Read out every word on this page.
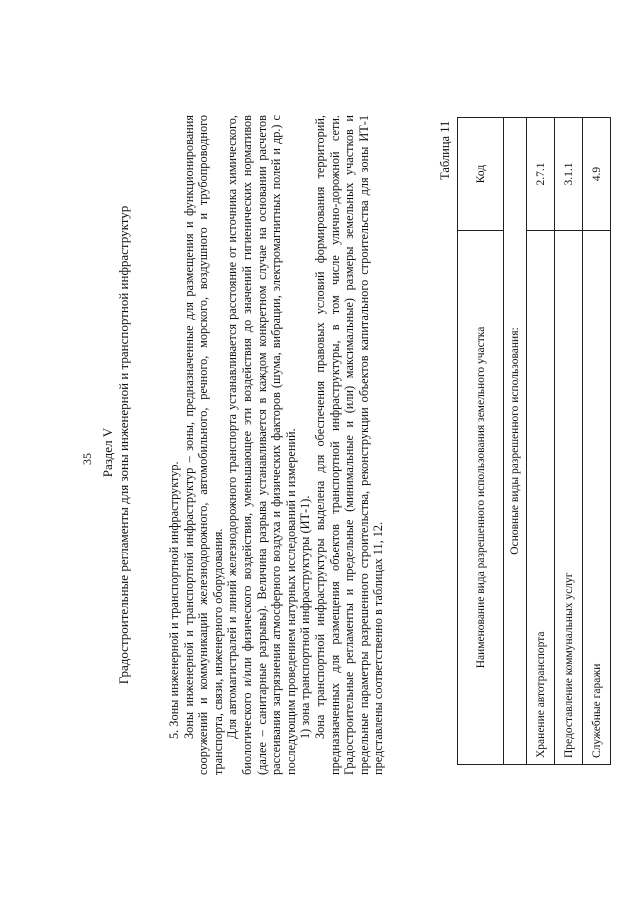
35 Раздел V Градостроительные регламенты для зоны инженерной и транспортной инфраструктур	5. Зоны инженерной и транспортной инфраструктур. Зоны инженерной и транспортной инфраструктур – зоны, предназначенные для размещения и функционирования сооружений и коммуникаций железнодорожного, автомобильного, речного, морского, воздушного и трубопроводного транспорта, связи, инженерного оборудования. Для автомагистралей и линий железнодорожного транспорта устанавливается расстояние от источника химического, биологического и/или физического воздействия, уменьшающее эти воздействия до значений гигиенических нормативов (далее – санитарные разрывы). Величина разрыва устанавливается в каждом конкретном случае на основании расчетов рассеивания загрязнения атмосферного воздуха и физических факторов (шума, вибрации, электромагнитных полей и др.) с последующим проведением натурных исследований и измерений. 1) зона транспортной инфраструктуры (ИТ-1). Зона транспортной инфраструктуры выделена для обеспечения правовых условий формирования территорий, предназначенных для размещения объектов транспортной инфраструктуры, в том числе улично-дорожной сети. Градостроительные регламенты и предельные (минимальные и (или) максимальные) размеры земельных участков и предельные параметры разрешенного строительства, реконструкции объектов капитального строительства для зоны ИТ-1 представлены соответственно в таблицах 11, 12.

Таблица 11
Наименование вида разрешенного использования земельного участка	Код
Основные виды разрешенного использования:	
Хранение автотранспорта	2.7.1
Предоставление коммунальных услуг	3.1.1
Служебные гаражи	4.9
